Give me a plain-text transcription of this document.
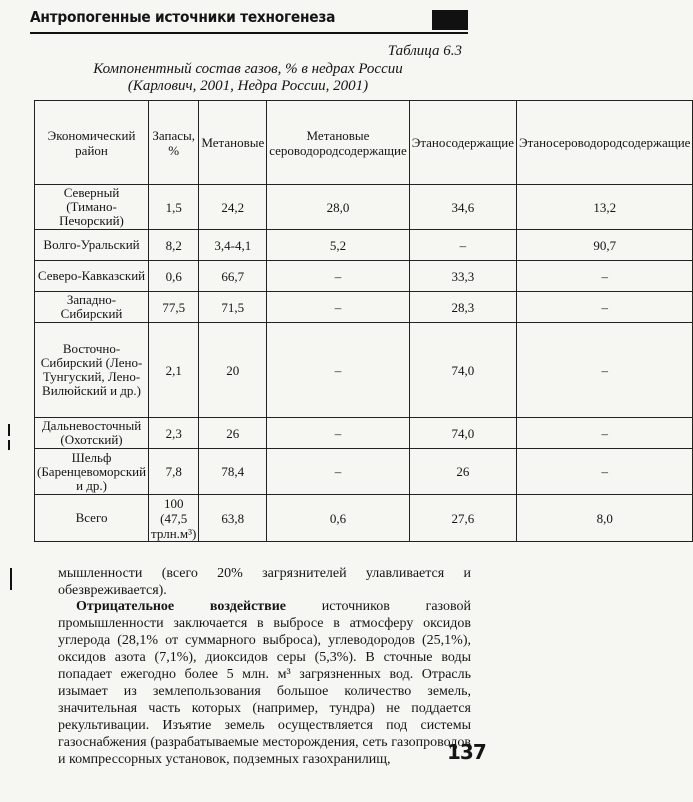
Антропогенные источники техногенеза
Таблица 6.3
Компонентный состав газов, % в недрах России
(Карлович, 2001, Недра России, 2001)
Экономический район	Запасы, %	Метановые	Метановые сероводородсодержащие	Этаносодержащие	Этаносероводородсодержащие
Северный (Тимано-Печорский)	1,5	24,2	28,0	34,6	13,2
Волго-Уральский	8,2	3,4-4,1	5,2	–	90,7
Северо-Кавказский	0,6	66,7	–	33,3	–
Западно-Сибирский	77,5	71,5	–	28,3	–
Восточно-Сибирский (Лено-Тунгуский, Лено-Вилюйский и др.)	2,1	20	–	74,0	–
Дальневосточный (Охотский)	2,3	26	–	74,0	–
Шельф (Баренцевоморский и др.)	7,8	78,4	–	26	–
Всего	100 (47,5 трлн.м³)	63,8	0,6	27,6	8,0
мышленности (всего 20% загрязнителей улавливается и обезвреживается).
Отрицательное воздействие источников газовой промышленности заключается в выбросе в атмосферу оксидов углерода (28,1% от суммарного выброса), углеводородов (25,1%), оксидов азота (7,1%), диоксидов серы (5,3%). В сточные воды попадает ежегодно более 5 млн. м³ загрязненных вод. Отрасль изымает из землепользования большое количество земель, значительная часть которых (например, тундра) не поддается рекультивации. Изъятие земель осуществляется под системы газоснабжения (разрабатываемые месторождения, сеть газопроводов и компрессорных установок, подземных газохранилищ,	137
